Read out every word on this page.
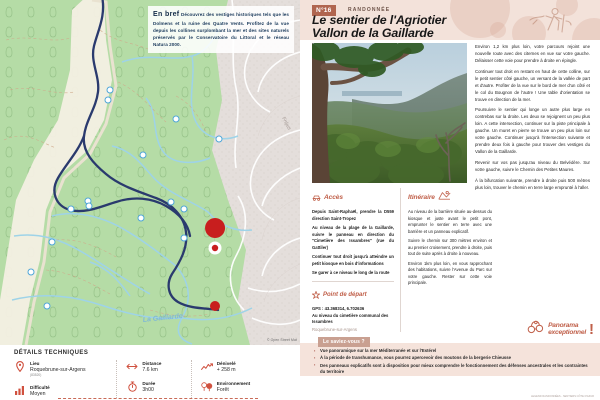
Fréjus
La Gaillarde
© Open Street Mat
En bref Découvrez des vestiges historiques tels que les Dolmens et la ruine des Quatre Vents. Profitez de la vue depuis les collines surplombant la mer et des sites naturels préservés par le Conservatoire du Littoral et le réseau Natura 2000.
DÉTAILS TECHNIQUES
Lieu
Roquebrune-sur-Argens
(83520)
Difficulté
Moyen
Distance
7.6 km
Durée
3h00
Dénivelé
+ 258 m
Environnement
Forêt
N°16	RANDONNÉE
Le sentier de l'Agriotier
Vallon de la Gaillarde

Environ 1,2 km plus loin, votre parcours rejoint une nouvelle route avec des citernes en vue sur votre gauche. Délaisser cette voie pour prendre à droite en épingle.

Continuer tout droit en restant en haut de cette colline, sur le petit sentier côté gauche, un versant de la vallée de part et d'autre. Profiter de la vue sur le bord de mer d'un côté et le col du Bougnon de l'autre ! Une table d'orientation se trouve en direction de la mer.

Poursuivre le sentier qui longe un autre plus large en contrebas sur la droite. Les deux se rejoignent un peu plus loin. A cette intersection, continuer sur la piste principale à gauche. Un muret en pierre se trouve un peu plus loin sur votre gauche. Continuer jusqu'à l'intersection suivante et prendre deux fois à gauche pour trouver des vestiges du Vallon de la Gaillarde.

Revenir sur vos pas jusqu'au niveau du Belvédère. Sur votre gauche, suivre le Chemin des Petites Maures.

À la bifurcation suivante, prendre à droite puis 500 mètres plus loin, trouver le chemin en terre large emprunté à l'aller.

Accès

Depuis Saint-Raphaël, prendre la D559 direction Saint-Tropez

Au niveau de la plage de la Gaillarde, suivre le panneau en direction du "Cimetière des Issambres" (rue du Gattiler)

Continuer tout droit jusqu'à atteindre un petit kiosque en bois d'informations

Se garer à ce niveau le long de la route

Point de départ
GPS : 43.368314, 6.702636
Au niveau du cimetière communal des Issambres
Roquebrune-sur-Argens
Itinéraire

Au niveau de la barrière située au-dessus du kiosque et juste avant le petit pont, emprunter le sentier en terre avec une barrière et un panneau explicatif.

Suivre le chemin sur 300 mètres environ et au premier croisement, prendre à droite, puis tout de suite après à droite à nouveau.

Environ 1km plus loin, en vous rapprochant des habitations, suivre l'Avenue du Parc sur votre gauche. Rester sur cette voie principale.

Le saviez-vous ?
▪ Vue panoramique sur la mer Méditerranée et sur l'Estérel
▪ À la période de transhumance, vous pourrez apercevoir des moutons de la bergerie Chieusse
▪ Des panneaux explicatifs sont à disposition pour mieux comprendre le fonctionnement des défenses ancestrales et les contraintes du territoire
Panorama
exceptionnel !
LEGEND RANDONNÉES - SENTIERS CÔTE D'AZUR
